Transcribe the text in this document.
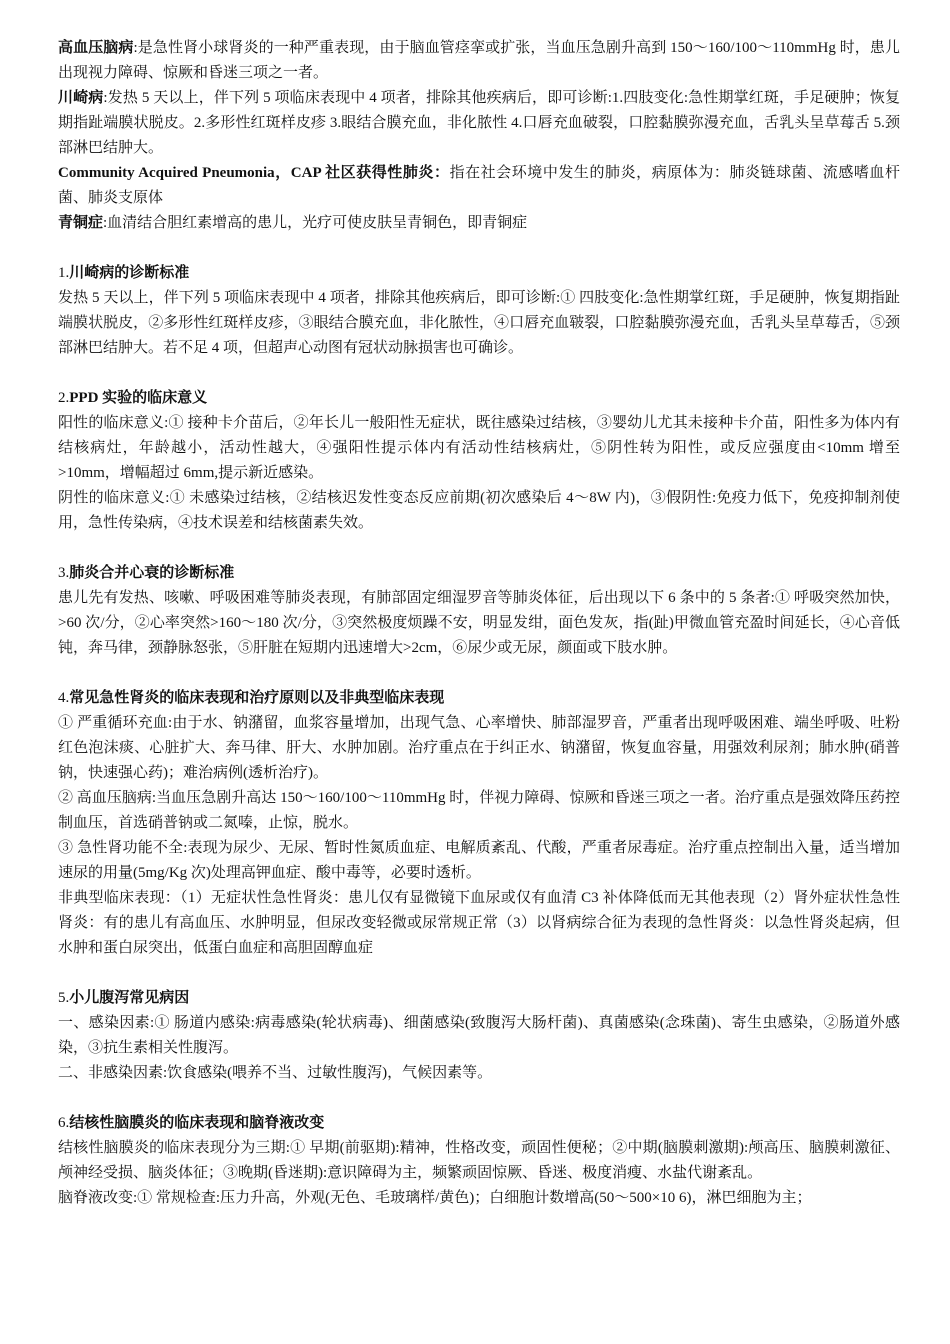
高血压脑病:是急性肾小球肾炎的一种严重表现，由于脑血管痉挛或扩张，当血压急剧升高到 150～160/100～110mmHg 时，患儿出现视力障碍、惊厥和昏迷三项之一者。

川崎病:发热 5 天以上，伴下列 5 项临床表现中 4 项者，排除其他疾病后，即可诊断:1.四肢变化:急性期掌红斑，手足硬肿；恢复期指趾端膜状脱皮。2.多形性红斑样皮疹 3.眼结合膜充血，非化脓性 4.口唇充血破裂，口腔黏膜弥漫充血，舌乳头呈草莓舌 5.颈部淋巴结肿大。

Community Acquired Pneumonia，CAP 社区获得性肺炎：指在社会环境中发生的肺炎，病原体为：肺炎链球菌、流感嗜血杆菌、肺炎支原体

青铜症:血清结合胆红素增高的患儿，光疗可使皮肤呈青铜色，即青铜症

1.川崎病的诊断标准

发热 5 天以上，伴下列 5 项临床表现中 4 项者，排除其他疾病后，即可诊断:① 四肢变化:急性期掌红斑，手足硬肿，恢复期指趾端膜状脱皮，②多形性红斑样皮疹，③眼结合膜充血，非化脓性，④口唇充血皲裂，口腔黏膜弥漫充血，舌乳头呈草莓舌，⑤颈部淋巴结肿大。若不足 4 项，但超声心动图有冠状动脉损害也可确诊。

2.PPD 实验的临床意义

阳性的临床意义:① 接种卡介苗后，②年长儿一般阳性无症状，既往感染过结核，③婴幼儿尤其未接种卡介苗，阳性多为体内有结核病灶，年龄越小，活动性越大，④强阳性提示体内有活动性结核病灶，⑤阴性转为阳性，或反应强度由<10mm 增至>10mm，增幅超过 6mm,提示新近感染。

阴性的临床意义:① 未感染过结核，②结核迟发性变态反应前期(初次感染后 4～8W 内)，③假阴性:免疫力低下，免疫抑制剂使用，急性传染病，④技术误差和结核菌素失效。

3.肺炎合并心衰的诊断标准

患儿先有发热、咳嗽、呼吸困难等肺炎表现，有肺部固定细湿罗音等肺炎体征，后出现以下 6 条中的 5 条者:① 呼吸突然加快，>60 次/分，②心率突然>160～180 次/分，③突然极度烦躁不安，明显发绀，面色发灰，指(趾)甲微血管充盈时间延长，④心音低钝，奔马律，颈静脉怒张，⑤肝脏在短期内迅速增大>2cm，⑥尿少或无尿，颜面或下肢水肿。

4.常见急性肾炎的临床表现和治疗原则以及非典型临床表现

① 严重循环充血:由于水、钠潴留，血浆容量增加，出现气急、心率增快、肺部湿罗音，严重者出现呼吸困难、端坐呼吸、吐粉红色泡沫痰、心脏扩大、奔马律、肝大、水肿加剧。治疗重点在于纠正水、钠潴留，恢复血容量，用强效利尿剂；肺水肿(硝普钠，快速强心药)；难治病例(透析治疗)。

② 高血压脑病:当血压急剧升高达 150～160/100～110mmHg 时，伴视力障碍、惊厥和昏迷三项之一者。治疗重点是强效降压药控制血压，首选硝普钠或二氮嗪，止惊，脱水。

③ 急性肾功能不全:表现为尿少、无尿、暂时性氮质血症、电解质紊乱、代酸，严重者尿毒症。治疗重点控制出入量，适当增加速尿的用量(5mg/Kg 次)处理高钾血症、酸中毒等，必要时透析。

非典型临床表现：（1）无症状性急性肾炎：患儿仅有显微镜下血尿或仅有血清 C3 补体降低而无其他表现（2）肾外症状性急性肾炎：有的患儿有高血压、水肿明显，但尿改变轻微或尿常规正常（3）以肾病综合征为表现的急性肾炎：以急性肾炎起病，但水肿和蛋白尿突出，低蛋白血症和高胆固醇血症

5.小儿腹泻常见病因

一、感染因素:① 肠道内感染:病毒感染(轮状病毒)、细菌感染(致腹泻大肠杆菌)、真菌感染(念珠菌)、寄生虫感染，②肠道外感染，③抗生素相关性腹泻。

二、非感染因素:饮食感染(喂养不当、过敏性腹泻)，气候因素等。

6.结核性脑膜炎的临床表现和脑脊液改变

结核性脑膜炎的临床表现分为三期:① 早期(前驱期):精神，性格改变，顽固性便秘；②中期(脑膜刺激期):颅高压、脑膜刺激征、颅神经受损、脑炎体征；③晚期(昏迷期):意识障碍为主，频繁顽固惊厥、昏迷、极度消瘦、水盐代谢紊乱。

脑脊液改变:① 常规检查:压力升高，外观(无色、毛玻璃样/黄色)；白细胞计数增高(50～500×10 6)，淋巴细胞为主；
